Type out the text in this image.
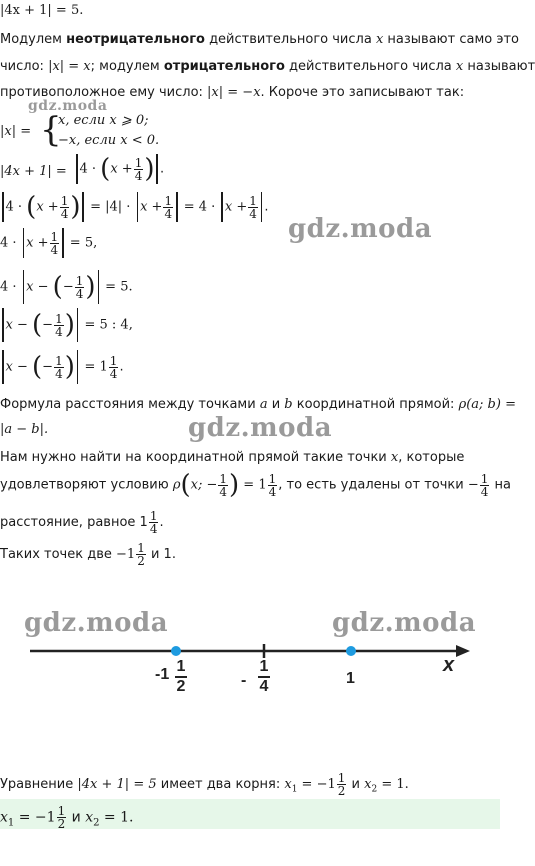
|4x + 1| = 5.
Модулем неотрицательного действительного числа x называют само это
число: |x| = x; модулем отрицательного действительного числа x называют
противоположное ему число: |x| = −x. Короче это записывают так:
gdz.moda
|x| = {
x, если x ⩾ 0;
−x, если x < 0.
$|4x + 1| = 4 \cdot (x + \frac{1}{4}$ ) .
$4 \cdot (x + \frac{1}{4}$ ) = $|4| \cdot x + \frac{1}{4} = 4 \cdot x + \frac{1}{4}$ .
gdz.moda
$4 \cdot x + \frac{1}{4} = 5$,
4 · x − (− $\frac{1}{4}$ ) = 5.
x − (− $\frac{1}{4}$ ) = 5 : 4,
x − (− $\frac{1}{4}$ ) = $1 \frac{1}{4}$ .
Формула расстояния между точками a и b координатной прямой: ρ(a; b) =
|a − b|.	gdz.moda
Нам нужно найти на координатной прямой такие точки x, которые
удовлетворяют условию ρ(x; − $\frac{1}{4}$ ) = $1 \frac{1}{4}$ , то есть удалены от точки − $\frac{1}{4}$ на
расстояние, равное $1 \frac{1}{4}$ .
Таких точек две $-1 \frac{1}{2}$ и 1.
gdz.moda	gdz.moda
$-1 \frac{1}{2}$	- $\frac{1}{4}$	1
x
Уравнение |4x + 1| = 5 имеет два корня: $x_1 = -1 \frac{1}{2}$ и $x_2 = 1$.
$x_1 = -1 \frac{1}{2}$ и $x_2 = 1$.
